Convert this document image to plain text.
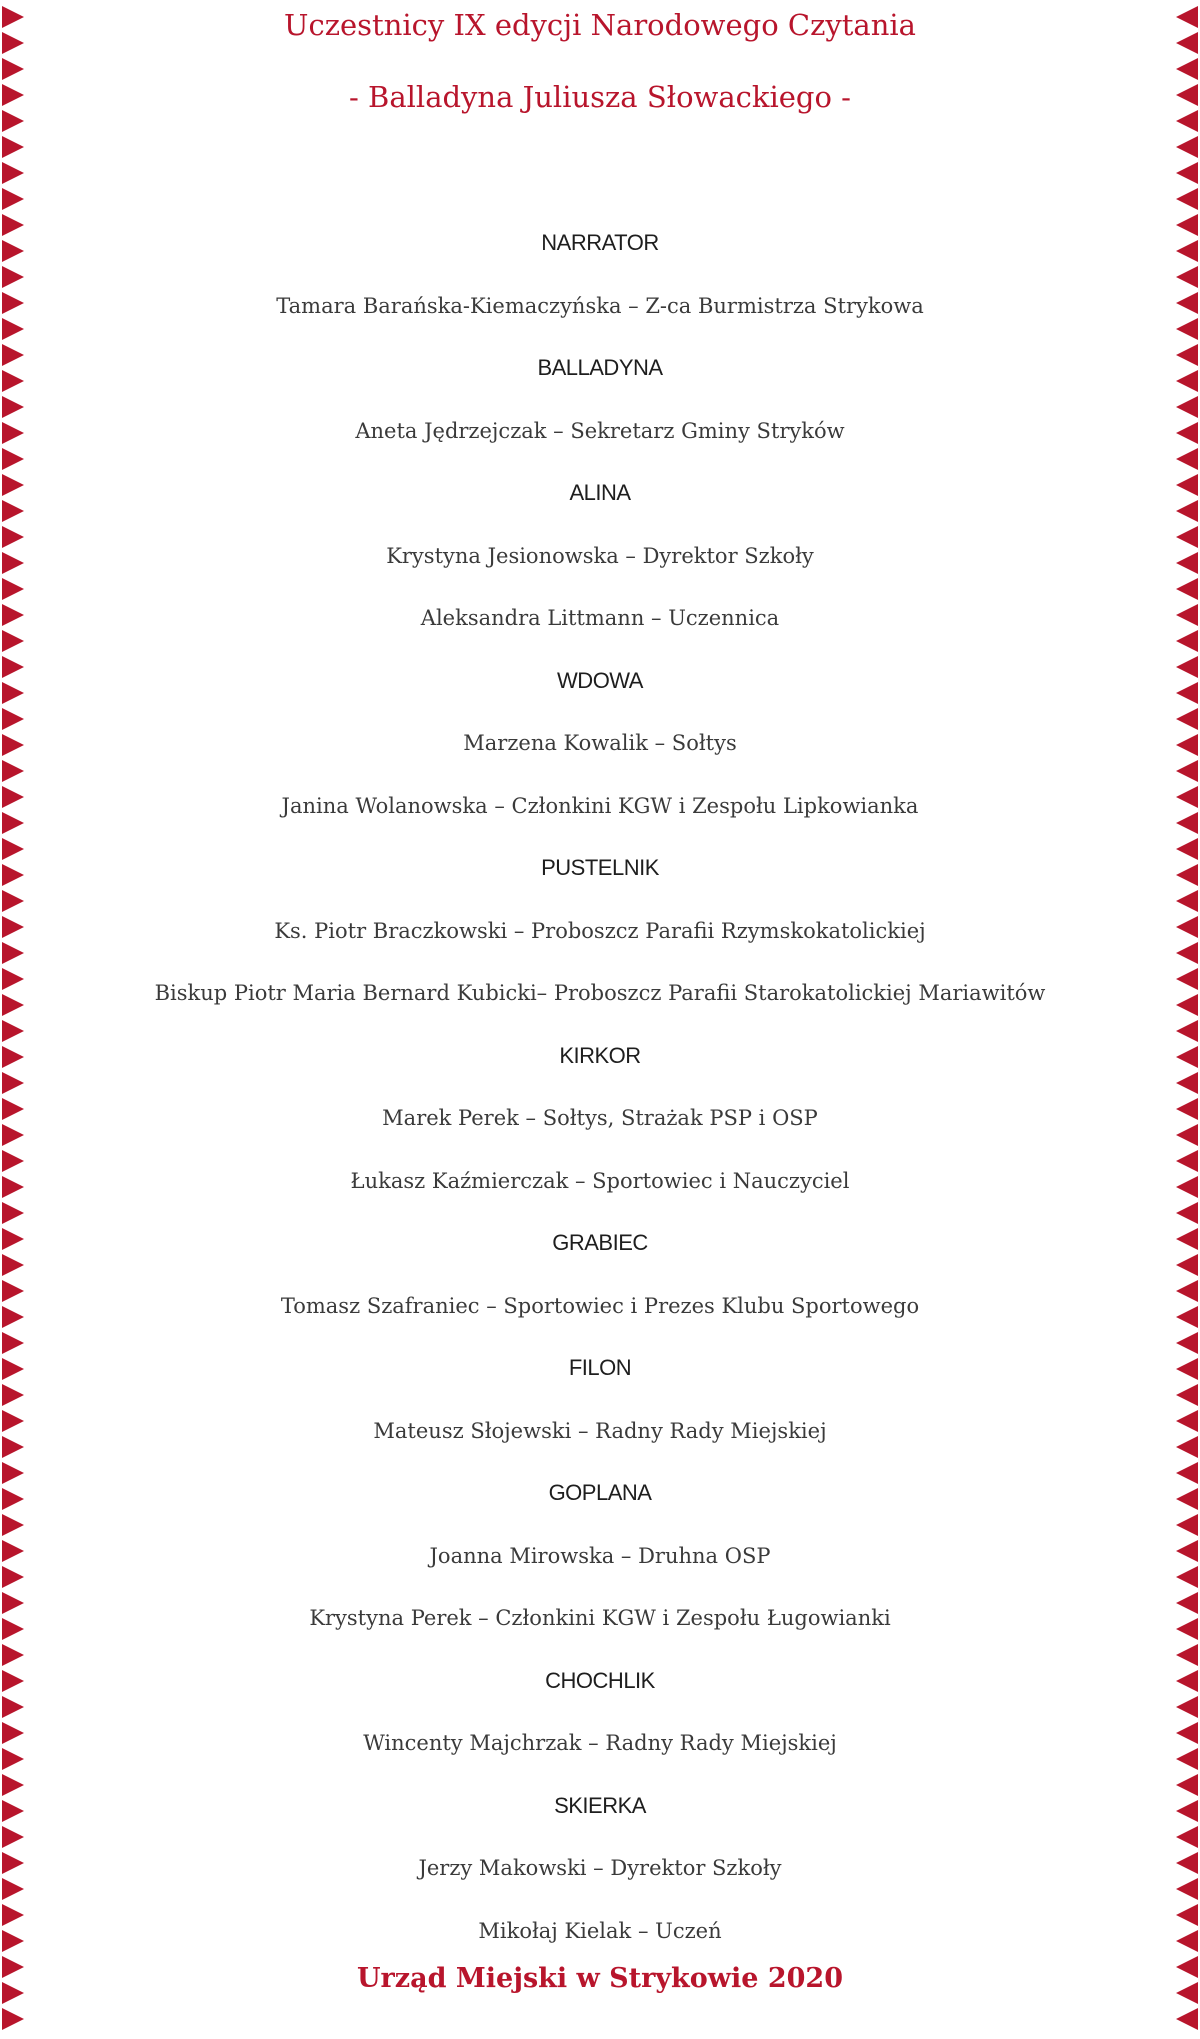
Uczestnicy IX edycji Narodowego Czytania
- Balladyna Juliusza Słowackiego -
NARRATOR
Tamara Barańska-Kiemaczyńska – Z-ca Burmistrza Strykowa
BALLADYNA
Aneta Jędrzejczak – Sekretarz Gminy Stryków
ALINA
Krystyna Jesionowska – Dyrektor Szkoły
Aleksandra Littmann – Uczennica
WDOWA
Marzena Kowalik – Sołtys
Janina Wolanowska – Członkini KGW i Zespołu Lipkowianka
PUSTELNIK
Ks. Piotr Braczkowski – Proboszcz Parafii Rzymskokatolickiej
Biskup Piotr Maria Bernard Kubicki– Proboszcz Parafii Starokatolickiej Mariawitów
KIRKOR
Marek Perek – Sołtys, Strażak PSP i OSP
Łukasz Kaźmierczak – Sportowiec i Nauczyciel
GRABIEC
Tomasz Szafraniec – Sportowiec i Prezes Klubu Sportowego
FILON
Mateusz Słojewski – Radny Rady Miejskiej
GOPLANA
Joanna Mirowska – Druhna OSP
Krystyna Perek – Członkini KGW i Zespołu Ługowianki
CHOCHLIK
Wincenty Majchrzak – Radny Rady Miejskiej
SKIERKA
Jerzy Makowski – Dyrektor Szkoły
Mikołaj Kielak – Uczeń
Urząd Miejski w Strykowie 2020
